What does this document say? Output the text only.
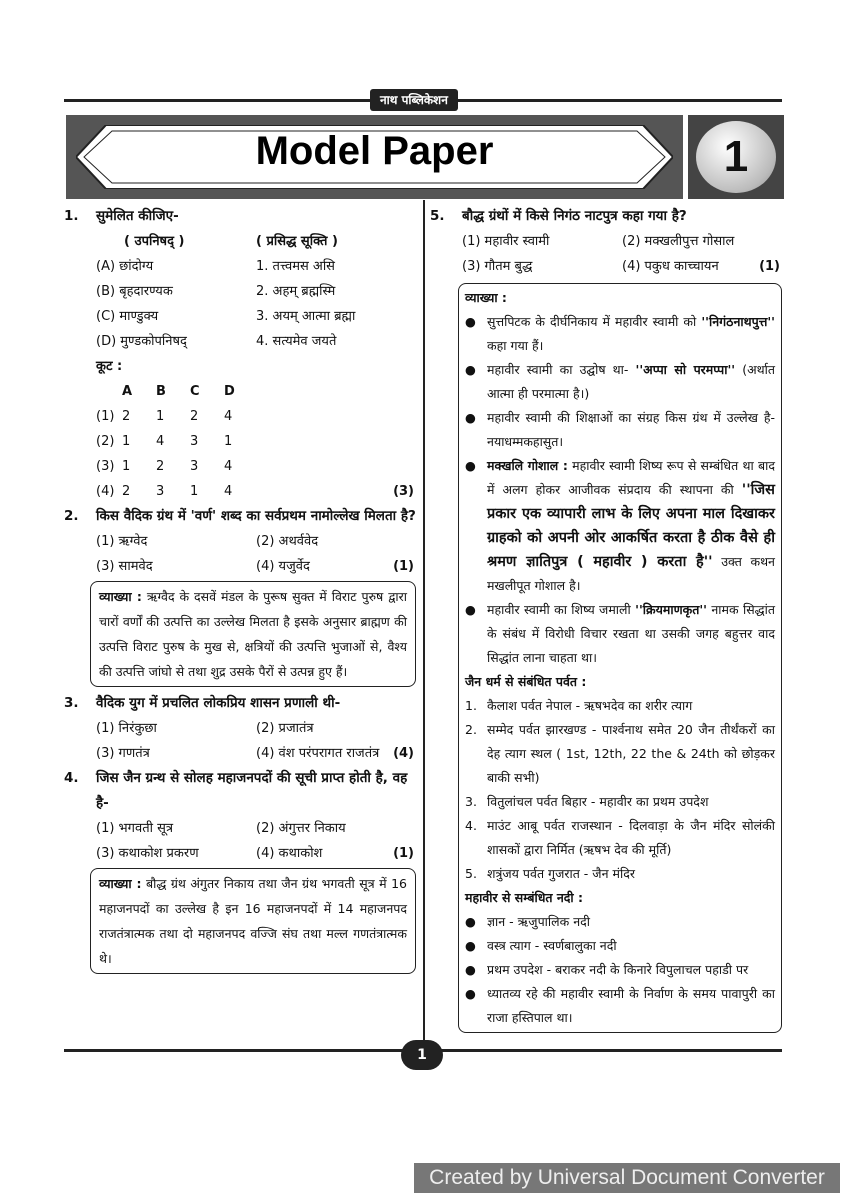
नाथ पब्लिकेशन
Model Paper	1
1.	सुमेलित कीजिए-
( उपनिषद् )	( प्रसिद्ध सूक्ति )
(A) छांदोग्य	1. तत्त्वमस असि
(B) बृहदारण्यक	2. अहम् ब्रह्मस्मि
(C) माण्डुक्य	3. अयम् आत्मा ब्रह्मा
(D) मुण्डकोपनिषद्	4. सत्यमेव जयते
कूट :
A	B	C	D
(1) 2	1	2	4
(2) 1	4	3	1
(3) 1	2	3	4
(4) 2	3	1	4	(3)
2.	किस वैदिक ग्रंथ में 'वर्ण' शब्द का सर्वप्रथम नामोल्लेख मिलता है?
(1) ऋग्वेद	(2) अथर्ववेद
(3) सामवेद	(4) यजुर्वेद	(1)
व्याख्या : ऋग्वैद के दसवें मंडल के पुरूष सुक्त में विराट पुरुष द्वारा चारों वर्णों की उत्पत्ति का उल्लेख मिलता है इसके अनुसार ब्राह्मण की उत्पत्ति विराट पुरुष के मुख से, क्षत्रियों की उत्पत्ति भुजाओं से, वैश्य की उत्पत्ति जांघो से तथा शुद्र उसके पैरों से उत्पन्न हुए हैं।
3.	वैदिक युग में प्रचलित लोकप्रिय शासन प्रणाली थी-
(1) निरंकुछा	(2) प्रजातंत्र
(3) गणतंत्र	(4) वंश परंपरागत राजतंत्र	(4)
4.	जिस जैन ग्रन्थ से सोलह महाजनपदों की सूची प्राप्त होती है, वह है-
(1) भगवती सूत्र	(2) अंगुत्तर निकाय
(3) कथाकोश प्रकरण	(4) कथाकोश	(1)
व्याख्या : बौद्ध ग्रंथ अंगुतर निकाय तथा जैन ग्रंथ भगवती सूत्र में 16 महाजनपदों का उल्लेख है इन 16 महाजनपदों में 14 महाजनपद राजतंत्रात्मक तथा दो महाजनपद वज्जि संघ तथा मल्ल गणतंत्रात्मक थे।
5.	बौद्ध ग्रंथों में किसे निगंठ नाटपुत्र कहा गया है?
(1) महावीर स्वामी	(2) मक्खलीपुत्त गोसाल
(3) गौतम बुद्ध	(4) पकुध काच्चायन	(1)
व्याख्या :
● सुत्तपिटक के दीर्घनिकाय में महावीर स्वामी को ''निगंठनाथपुत्त'' कहा गया हैं।
● महावीर स्वामी का उद्घोष था- ''अप्पा सो परमप्पा'' (अर्थात आत्मा ही परमात्मा है।)
● महावीर स्वामी की शिक्षाओं का संग्रह किस ग्रंथ में उल्लेख है- नयाधम्मकहासुत।
● मक्खलि गोशाल : महावीर स्वामी शिष्य रूप से सम्बंधित था बाद में अलग होकर आजीवक संप्रदाय की स्थापना की ''जिस प्रकार एक व्यापारी लाभ के लिए अपना माल दिखाकर ग्राहको को अपनी ओर आकर्षित करता है ठीक वैसे ही श्रमण ज्ञातिपुत्र ( महावीर ) करता है'' उक्त कथन मखलीपूत गोशाल है।
● महावीर स्वामी का शिष्य जमाली ''क्रियमाणकृत'' नामक सिद्धांत के संबंध में विरोधी विचार रखता था उसकी जगह बहुत्तर वाद सिद्धांत लाना चाहता था।
जैन धर्म से संबंधित पर्वत :
1. कैलाश पर्वत नेपाल - ऋषभदेव का शरीर त्याग
2. सम्मेद पर्वत झारखण्ड - पार्श्वनाथ समेत 20 जैन तीर्थंकरों का देह त्याग स्थल ( 1st, 12th, 22 the & 24th को छोड़कर बाकी सभी)
3. वितुलांचल पर्वत बिहार - महावीर का प्रथम उपदेश
4. माउंट आबू पर्वत राजस्थान - दिलवाड़ा के जैन मंदिर सोलंकी शासकों द्वारा निर्मित (ऋषभ देव की मूर्ति)
5. शत्रुंजय पर्वत गुजरात - जैन मंदिर
महावीर से सम्बंधित नदी :
● ज्ञान - ऋजुपालिक नदी
● वस्त्र त्याग - स्वर्णबालुका नदी
● प्रथम उपदेश - बराकर नदी के किनारे विपुलाचल पहाडी पर
● ध्यातव्य रहे की महावीर स्वामी के निर्वाण के समय पावापुरी का राजा हस्तिपाल था।
1
Created by Universal Document Converter
